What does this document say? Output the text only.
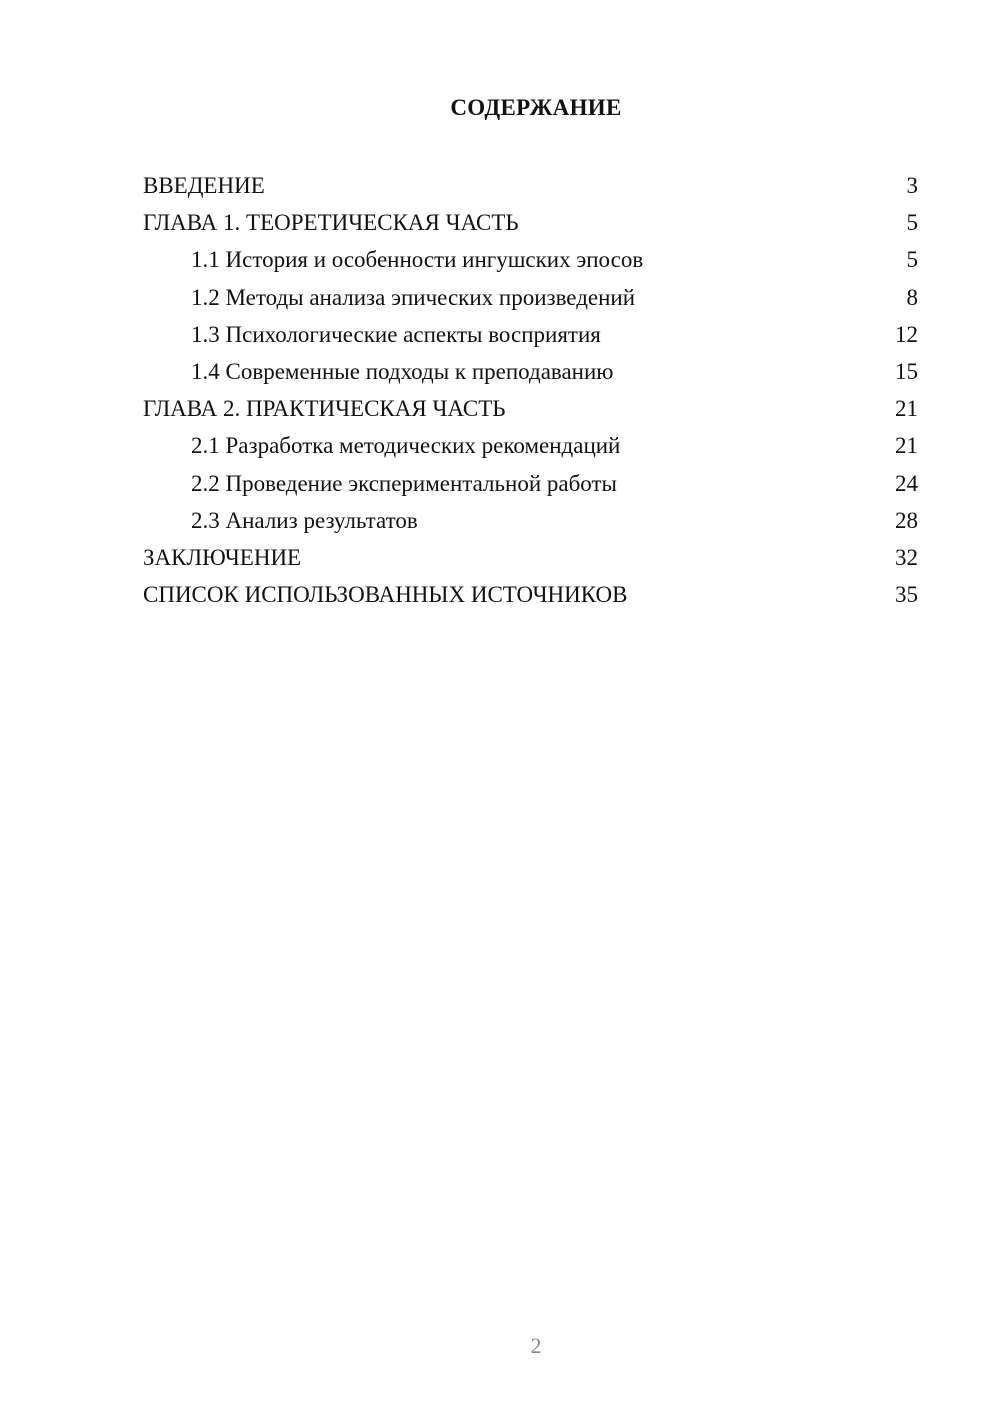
СОДЕРЖАНИЕ
ВВЕДЕНИЕ	3
ГЛАВА 1. ТЕОРЕТИЧЕСКАЯ ЧАСТЬ	5
1.1 История и особенности ингушских эпосов	5
1.2 Методы анализа эпических произведений	8
1.3 Психологические аспекты восприятия	12
1.4 Современные подходы к преподаванию	15
ГЛАВА 2. ПРАКТИЧЕСКАЯ ЧАСТЬ	21
2.1 Разработка методических рекомендаций	21
2.2 Проведение экспериментальной работы	24
2.3 Анализ результатов	28
ЗАКЛЮЧЕНИЕ	32
СПИСОК ИСПОЛЬЗОВАННЫХ ИСТОЧНИКОВ	35
2
